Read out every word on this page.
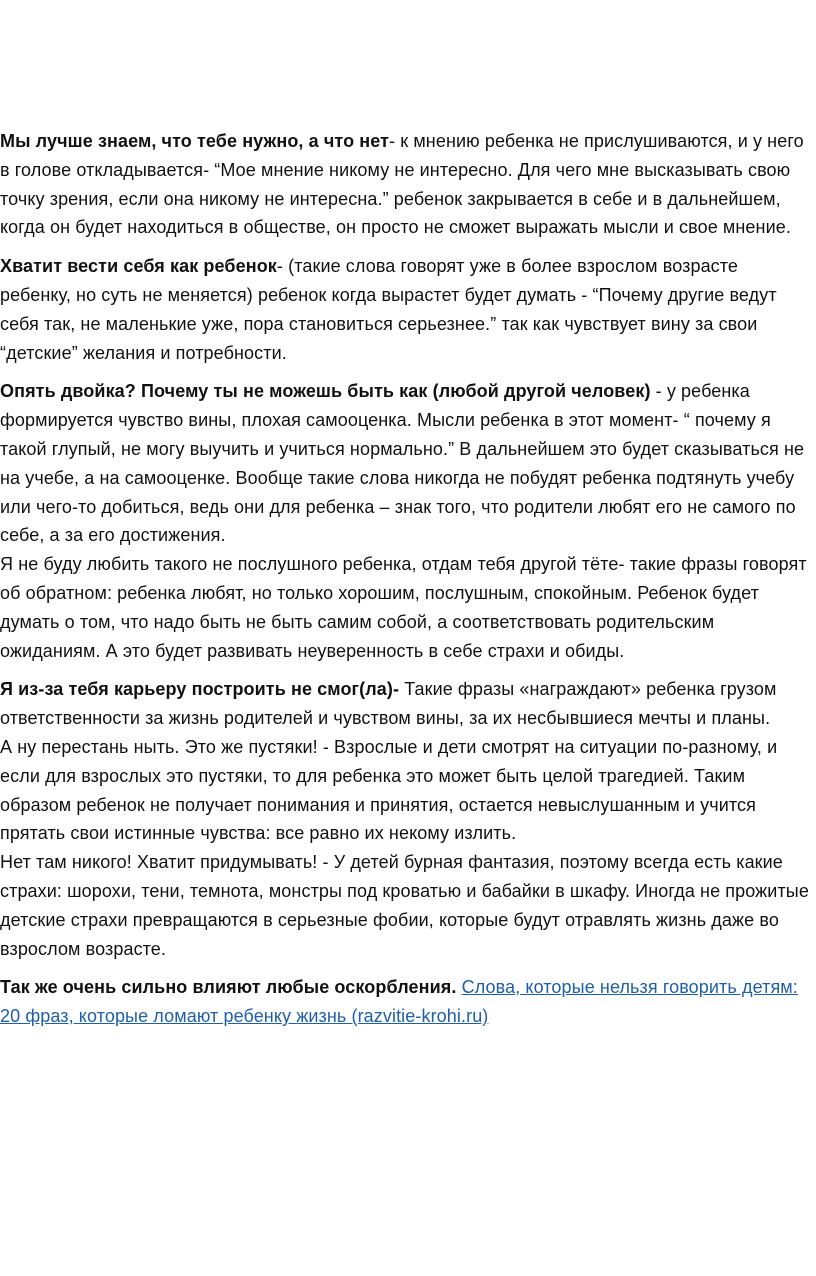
Мы лучше знаем, что тебе нужно, а что нет- к мнению ребенка не прислушиваются, и у него в голове откладывается- “Мое мнение никому не интересно. Для чего мне высказывать свою точку зрения, если она никому не интересна.” ребенок закрывается в себе и в дальнейшем, когда он будет находиться в обществе, он просто не сможет выражать мысли и свое мнение.

Хватит вести себя как ребенок- (такие слова говорят уже в более взрослом возрасте ребенку, но суть не меняется) ребенок когда вырастет будет думать - “Почему другие ведут себя так, не маленькие уже, пора становиться серьезнее.” так как чувствует вину за свои “детские” желания и потребности.

Опять двойка? Почему ты не можешь быть как (любой другой человек) - у ребенка формируется чувство вины, плохая самооценка. Мысли ребенка в этот момент- “ почему я такой глупый, не могу выучить и учиться нормально.” В дальнейшем это будет сказываться не на учебе, а на самооценке. Вообще такие слова никогда не побудят ребенка подтянуть учебу или чего-то добиться, ведь они для ребенка – знак того, что родители любят его не самого по себе, а за его достижения.

Я не буду любить такого не послушного ребенка, отдам тебя другой тёте- такие фразы говорят об обратном: ребенка любят, но только хорошим, послушным, спокойным. Ребенок будет думать о том, что надо быть не быть самим собой, а соответствовать родительским ожиданиям. А это будет развивать неуверенность в себе страхи и обиды.

Я из-за тебя карьеру построить не смог(ла)- Такие фразы «награждают» ребенка грузом ответственности за жизнь родителей и чувством вины, за их несбывшиеся мечты и планы.

А ну перестань ныть. Это же пустяки! - Взрослые и дети смотрят на ситуации по-разному, и если для взрослых это пустяки, то для ребенка это может быть целой трагедией. Таким образом ребенок не получает понимания и принятия, остается невыслушанным и учится прятать свои истинные чувства: все равно их некому излить.

Нет там никого! Хватит придумывать! - У детей бурная фантазия, поэтому всегда есть какие страхи: шорохи, тени, темнота, монстры под кроватью и бабайки в шкафу. Иногда не прожитые детские страхи превращаются в серьезные фобии, которые будут отравлять жизнь даже во взрослом возрасте.

Так же очень сильно влияют любые оскорбления. Слова, которые нельзя говорить детям: 20 фраз, которые ломают ребенку жизнь (razvitie-krohi.ru)
